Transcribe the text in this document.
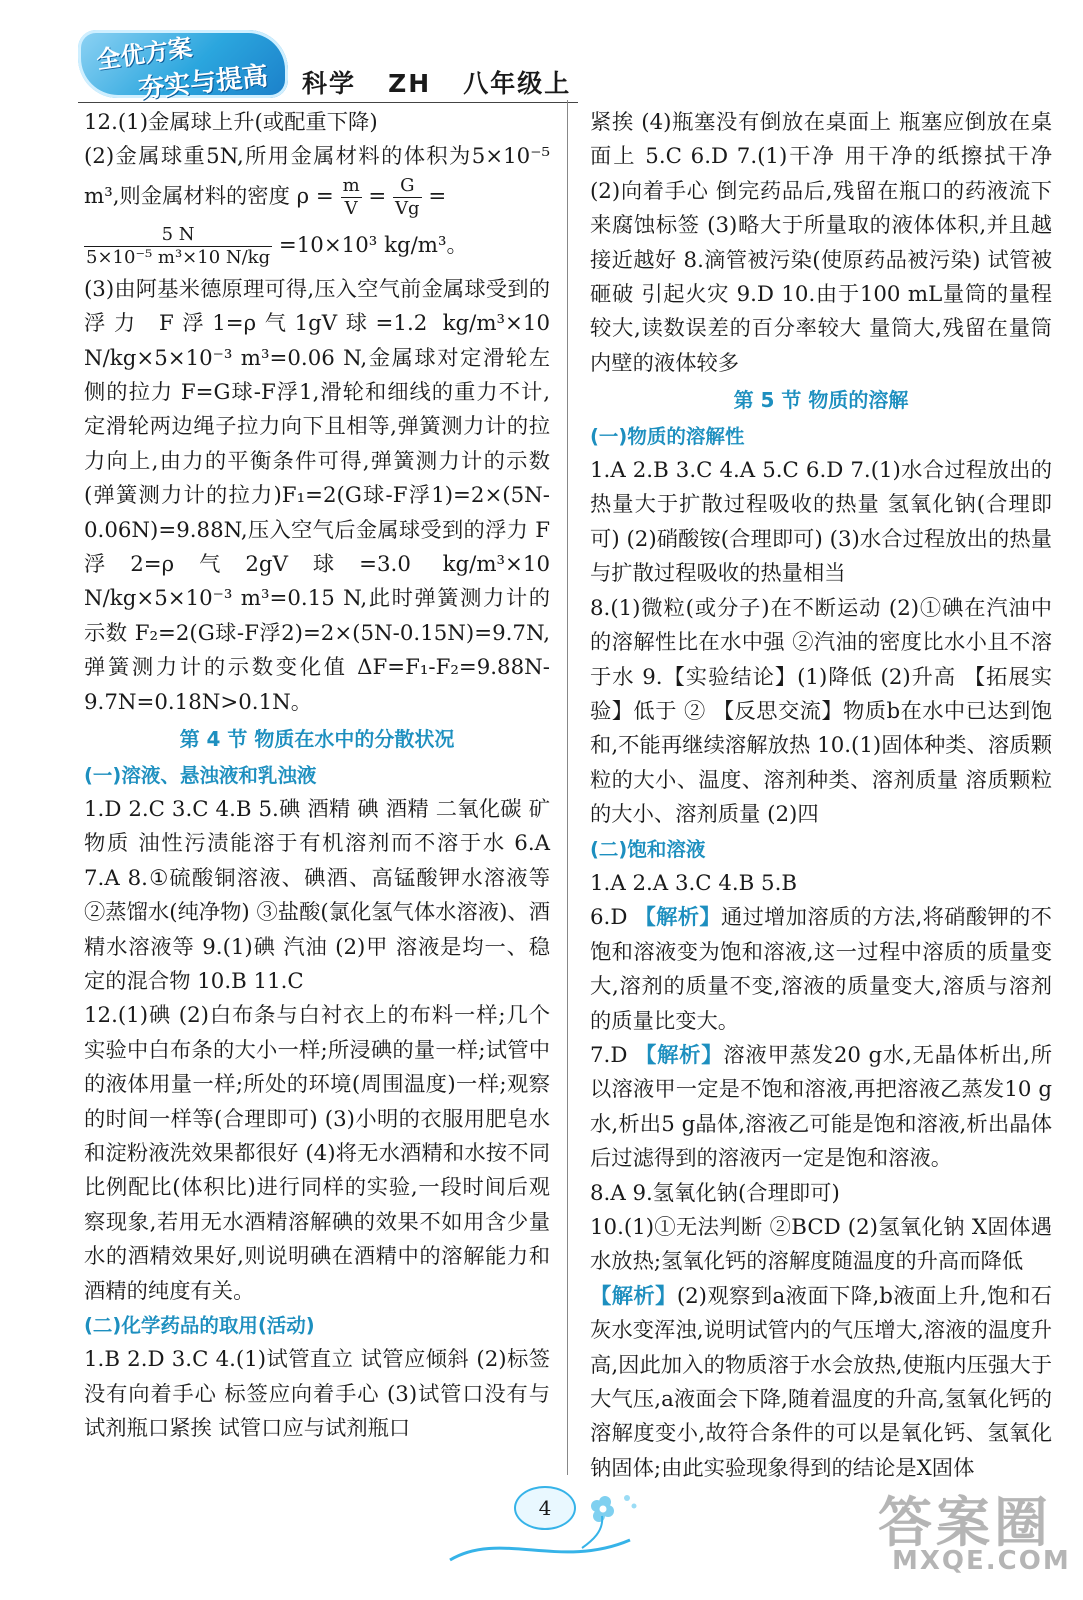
全优方案
夯实与提高 科学   ZH   八年级上

12.(1)金属球上升(或配重下降)

(2)金属球重5N,所用金属材料的体积为5×10⁻⁵ m³,则金属材料的密度 $\rho = \frac{m}{V} = \frac{G}{Vg}$ =

$\frac{5 N}{\text{5×10⁻⁵ m³×10 N/kg}} =10\times 10^3$ kg/m³。

(3)由阿基米德原理可得,压入空气前金属球受到的浮力 F浮1=ρ气1gV球=1.2 kg/m³×10 N/kg×5×10⁻³ m³=0.06 N,金属球对定滑轮左侧的拉力 F=G球-F浮1,滑轮和细线的重力不计,定滑轮两边绳子拉力向下且相等,弹簧测力计的拉力向上,由力的平衡条件可得,弹簧测力计的示数(弹簧测力计的拉力)F₁=2(G球-F浮1)=2×(5N-0.06N)=9.88N,压入空气后金属球受到的浮力 F浮2=ρ气2gV球=3.0 kg/m³×10 N/kg×5×10⁻³ m³=0.15 N,此时弹簧测力计的示数 F₂=2(G球-F浮2)=2×(5N-0.15N)=9.7N,弹簧测力计的示数变化值 ΔF=F₁-F₂=9.88N-9.7N=0.18N>0.1N。

第 4 节 物质在水中的分散状况

(一)溶液、悬浊液和乳浊液

1.D 2.C 3.C 4.B 5.碘 酒精 碘 酒精 二氧化碳 矿物质 油性污渍能溶于有机溶剂而不溶于水 6.A 7.A 8.①硫酸铜溶液、碘酒、高锰酸钾水溶液等 ②蒸馏水(纯净物) ③盐酸(氯化氢气体水溶液)、酒精水溶液等 9.(1)碘 汽油 (2)甲 溶液是均一、稳定的混合物 10.B 11.C

12.(1)碘 (2)白布条与白衬衣上的布料一样;几个实验中白布条的大小一样;所浸碘的量一样;试管中的液体用量一样;所处的环境(周围温度)一样;观察的时间一样等(合理即可) (3)小明的衣服用肥皂水和淀粉液洗效果都很好 (4)将无水酒精和水按不同比例配比(体积比)进行同样的实验,一段时间后观察现象,若用无水酒精溶解碘的效果不如用含少量水的酒精效果好,则说明碘在酒精中的溶解能力和酒精的纯度有关。

(二)化学药品的取用(活动)

1.B 2.D 3.C 4.(1)试管直立 试管应倾斜 (2)标签没有向着手心 标签应向着手心 (3)试管口没有与试剂瓶口紧挨 试管口应与试剂瓶口

紧挨 (4)瓶塞没有倒放在桌面上 瓶塞应倒放在桌面上 5.C 6.D 7.(1)干净 用干净的纸擦拭干净 (2)向着手心 倒完药品后,残留在瓶口的药液流下来腐蚀标签 (3)略大于所量取的液体体积,并且越接近越好 8.滴管被污染(使原药品被污染) 试管被砸破 引起火灾 9.D 10.由于100 mL量筒的量程较大,读数误差的百分率较大 量筒大,残留在量筒内壁的液体较多

第 5 节 物质的溶解

(一)物质的溶解性

1.A 2.B 3.C 4.A 5.C 6.D 7.(1)水合过程放出的热量大于扩散过程吸收的热量 氢氧化钠(合理即可) (2)硝酸铵(合理即可) (3)水合过程放出的热量与扩散过程吸收的热量相当

8.(1)微粒(或分子)在不断运动 (2)①碘在汽油中的溶解性比在水中强 ②汽油的密度比水小且不溶于水 9.【实验结论】(1)降低 (2)升高 【拓展实验】低于 ② 【反思交流】物质b在水中已达到饱和,不能再继续溶解放热 10.(1)固体种类、溶质颗粒的大小、温度、溶剂种类、溶剂质量 溶质颗粒的大小、溶剂质量 (2)四

(二)饱和溶液

1.A 2.A 3.C 4.B 5.B

6.D 【解析】通过增加溶质的方法,将硝酸钾的不饱和溶液变为饱和溶液,这一过程中溶质的质量变大,溶剂的质量不变,溶液的质量变大,溶质与溶剂的质量比变大。

7.D 【解析】溶液甲蒸发20 g水,无晶体析出,所以溶液甲一定是不饱和溶液,再把溶液乙蒸发10 g水,析出5 g晶体,溶液乙可能是饱和溶液,析出晶体后过滤得到的溶液丙一定是饱和溶液。

8.A 9.氢氧化钠(合理即可)

10.(1)①无法判断 ②BCD (2)氢氧化钠 X固体遇水放热;氢氧化钙的溶解度随温度的升高而降低

【解析】(2)观察到a液面下降,b液面上升,饱和石灰水变浑浊,说明试管内的气压增大,溶液的温度升高,因此加入的物质溶于水会放热,使瓶内压强大于大气压,a液面会下降,随着温度的升高,氢氧化钙的溶解度变小,故符合条件的可以是氧化钙、氢氧化钠固体;由此实验现象得到的结论是X固体

4	答案圈
MXQE.COM
